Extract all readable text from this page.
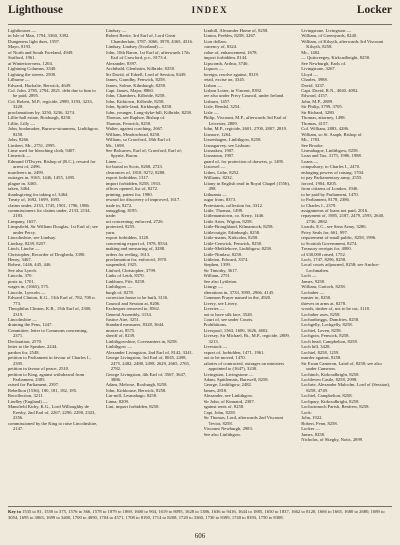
Lighthouse	INDEX	Locker

Lighthouses —

in Isle of Man, 1794, 3360, 3392.

Dungeness light dues, 1597.

Mayo, 8193.

of North and South Foreland, 4949.

Stafford, 1961.

at Winterton-ness, 1204.

Lightning Columns, 3540.

Lighting the streets, 2508.

Lilburne —

Edward, Hackalie, Berwick, 4649.

Col. John, 2785, 2794, 2821. debt due to him to be paid, 2895.

Col. Robert, M.P., regicide, 2989, 3193, 3233, 3220.

proclamations by, 3250, 3236, 3274.

Lillie-hall estate, Roxburgh, 8258.

Lillie, Lilly —

John, bookmaker, Burrow-stounness, Linlithgow, 8258.

John, 8266.

Limbert, Mr., 2751, 2995.

Lime used for bleaching cloth, 9407.

Limerick —

Edmund O'Dwyer, Bishop of (R.C.), reward for arrest of, 2496.

murderers in, 2499.

outrages in, 9165, 1446, 1455, 1495.

plague in, 3465.

taken, 3464.

thanksgiving for taking of, 3464.

Treaty of, 1692, 1699, 1695.

claims under, 2133, 1745, 1901, 1796, 1986.

commissioners for claims under, 2133, 2134, 2183.

Limpany, 1657.

Limpsfield, Sir William Douglas, 1st Earl of; see under Percy.

Lincolnshire, see Lindsay.

Lindsay, 8239, 8257.

Linch, Linche —

Christopher, Recorder of Drogheda, 3390.

Henry, 3467.

Robert, 1446, 445, 446.

See also Lynch.

Lincoln, 370.

posts to, 1701.

wages in, (1665), 575.

Lincoln, Lyncoln —

Edward Clinton, K.G., 13th Earl of, 782, 700 n. 773.

Theophilus Clinton, K.B., 15th Earl of, 2300, 2319.

Lincolnshire —

draining the Fens, 1247.

Committee, letter to Commons concerning, 2371.

Declaration, 2570.

letter to the Speaker, 2244.

pardon for, 2548.

petition to Parliament in favour of Charles I., 2395.

petition in favour of peace, 2510.

petition to King, against withdrawal from Parliament, 2385.

raised for Parliament, 2397.

Rebellion (1536), 180, 181, 182, 185.

Recollection, 3211.

Lindley (England) —

Mansfield Kirby, K.G., Lord Willoughby de Eresby, 2nd Earl of, 2267, 2290, 2298, 2323, 2356.

commissioned by the King to raise Lincolnshire, 2147.

Lindsay —

Robert Bertie, 3rd Earl of, Lord Great Chamberlain, 3787, 3066, 3978, 4365, 4316.

Lindsay, Lindsey (Scotland) —

John, 10th Baron, 1st Earl of, afterwards 17th Earl of Crawford, p.v., 8173 d.

Alexander, 8397.

Archibald, Glenhairn, Kilbride, 8258.

Sir David, of Edzell, Lord of Session, 8449.

James, Grandby, Fenwick, 8258.

James, Solme, Kilmburgh, 8258.

Capt. James, Major, 8860.

John, Chambers, Kilbride, 8258.

John, Kirktown, Kilbride, 8258.

John, Spittle-land, Kirkburgh, 8258.

John, younger, Long-dyke-hill, Kilbride, 8258.

Thomas, see Raphoe, Bishop of.

Thomas, Fenwick, 8258.

Walter, against coaching, 2667.

William, Meadowhead, 8258.

William, so Crawford, 18th Earl of.

Mr., 1698.

See Balcarres, Earl of; Crawford, Earl of; Spynie, Baron.

Linen —

for burial in Scots, 8268, 2723.

clearances of, 1810, 9272, 8288.

export forbidden, 1317.

import forbidden, 8258, 1933.

offices opened, list of, 8272.

printing, patent for, 1980.

reward for discovery of improved, 1617.

trade in, 8272.

smuggling, 8195.

trade:

act concerning, enforced, 2726.

protected, 8255.

yarn:

export forbidden, 3128.

concerning export of, 1978, 8534.

making and measuring of, 3288.

orders for reeling, 1613.

proclamation for, enforced, 1970.

suspended, 1925.

Linford, Christopher, 3799.

Links of Leith, 8370.

Linkburn, Fife, 8258.

Linlithgow —

burgh of, 8278.

correction house to be built, 3116.

Council and Session at, 8206.

Exchequer removed to, 8562.

General Assembly, 3134.

Justice Aire, 3251.

Standard measures, 8328, 3644.

muster at, 8575.

sheriff of, 8239.

Linlithgowshire, Covenanters in, 8258.

Linlithgow —

Alexander Livingston, 2nd Earl of, 8142, 3241.

George Livingston, 3rd Earl of, 8045, 2498, 2475, 2482, 2488, 2498, 2629, 2665, 2765, 2782.

George Livingston, 4th Earl of, 3567, 3647, 3886.

Adam, Melrose, Roxburgh, 8258.

John, Kirkhouse, Berwick, 8258.

Lin-mill, Lesmahago, 8258.

Linna, 8209.

Lint, import forbidden, 8258.

Linthill, Alexander Home of, 8258.

Linton, Peebles, 8258, 3267.

Lion dollars:

currency of, 8324.

value of, enhancement, 1678.

import forbidden, 8144.

Lipscomb, Arthur, 3746.

Liquors —

foreign, resolve against, 8319.

retail, excise on, 3345.

Lisbon —

Lisbon Lotter, in Vincent, 8392.

see also under Privy Council, under Ireland.

Lisburn, 1457.

Lisle, Rendal, 3254.

Lisle —

Philip, Viscount, M.P., afterwards 3rd Earl of Leicester, 2809.

John, M.P., regicide, 2601, 2700, 2807, 2819.

Lismore, 1264.

Lissenhagen, Linlithgow, 8258.

Lisnagarvey, see Lisburn.

Lisnaskea, 1907.

Lisnatoun, 1907.

guard of, for protection of drawers, p. 1495.

Listowel —

Lithes, Lithe, 8252.

Williams, 8232.

Litany in English read in Royal Chapel (1556), 498.

Lithuania —

sugar from, 8373.

Protestants, collection for, 3312.

Little, Thomas, 1498.

Littlemanstown, co. Kerry, 1446.

Little Aries, Wigton, 8258.

Little-Broughland, Kilmarnock, 8258.

Littlecraigie, Edinburgh, 8258.

Little-mains, Kirkcolm, 8258.

Little-Cenwick, Fenwick, 8258.

Little-Meiklehove, Linlithgow, 8258.

Little-Nimlaw, 8258.

Littleton, Edward, 3374.

Stephen, 1399.

Sir Timothy, 3617.

William, 2751.

See also Lyttleton.

Liturgy —

alterations in, 3733, 3995, 2966, 4145.

Common Prayer named in the, 4920.

Livery, see Livery.

Liveries —

not to have silk lace, 3528.

Court of, see under Courts.

Prohibitions.

Liverpool, 1563, 1606, 1626, 4602.

Livesey, Sir Michael, Bt., M.P., regicide, 2809, 3213.

Livestock —

export of, forbidden, 1471, 1961.

not to be moved, 1470.

salaries of contracted, outrages on ministers appointed to (1647), 3230.

Livingston, Livingstone —

Adam, Spittlemais, Barrwell, 8258.

George, Linlithgow, 2482.

James, 2818.

Alexander, see Linlithgow.

Sir John, of Kinnaird, 2387.

against rents of, 8258.

Capt. John, 8258.

Sir Thomas, Lord, afterwards 2nd Viscount Teviot, 8258.

Viscount Newburgh, 2983.

See also Linlithgow.

Livingstone, Livingston —

William, of Greenyards, 8240.

William, of Kilsyth, afterwards 3rd Viscount Kilsyth, 8258.

Mr., 1482.

— Quitcreegey, Kirkcudbright, 8258.

See Newburgh, Earls of.

Livingstone, 3267.

Lloyd —

Charles, 3988.

David, 3237.

Capt. David, R.N., 4040, 4092.

Edward, 4157.

John, M.P., 2889.

Sir Philip, 3799, 3705.

Sir Richard, 3280.

Thomas, attorney, 1498.

Thomas, 4157.

Col. William, 2883, 4286.

William, so St. Asaph, Bishop of.

Mr., 1783.

See Brooke.

Lismahagoe, Linlithgow, 8258.

Loan and Tax, 3175, 1986, 1988.

Loans —

compulsory, to Charles I., 2470.

enlarging powers of raising, 1704.

to pay Parliamentary army, 2555.

forced, 1904, 8205.

from citizens of London, 1946.

to be paid by Parliament, 1470.

to Parliament, 8178, 2386.

to Charles I., 2379.

assignments of loans not paid, 2016.

repayment of, 1885, 2187, 2479, 2593, 2640, 2736, 2882.

Loards, E.C., see Sena Army, 3286.

Privy Seals for, 661, 997.

requirement of small public, 8258, 1996.

to Scottish Government, 8274.

Treasury receipts for, 4000.

of £30,000 raised, 1752.

Loch, 1747, 8296, 8258.

Local courts adjourned, 8258; see Anchor-Lochmaben.

Loch —

James, 9258.

William, Garioch, 8258.

Lochaber —

muster in, 8258.

thieves in arms at, 8278.

woods, timber of, not to be cut, 3118.

Lochaber axes, 8258.

Lochartbriggs, Dumfries, 8258.

Lochgelly, Lochgelly, 8258.

Lochiel, Leven, 8258.

Lochgoin, Fenwick, 8258.

Loch head, Campbelton, 8258.

Loch hill, 3428.

Lochiel, 8258, 1259.

murder against, 8258.

Sir Ewan Cameron, Laird of, 8258; see also under Cameron.

Lochinch, Kirkcudbright, 8258.

Lochleven Castle, 8258, 2998.

Lochrie, Alexander Malcolm, Lord of (Session), 8258, 4749.

Lochiel, Campbelton, 8258.

Lochpary, Kirkcudbright, 8258.

Lochwinnoch Parish, Renfrew, 8258.

Lock:

John, 1922.

Robert, Fenn, 8258.

Locker —

James, 8258.

Nicholas, of Skegby, Notts, 2899.

Key to 1535 to 81, 1550 to 375, 1576 to 366, 1578 to 1879 to 1869, 1600 to 904, 1619 to 8095, 1628 to 1386, 1636 to 9416, 1644 to 1885, 1650 to 1837, 1662 to 8120, 1666 to 1665, 1680 to 2680, 1689 to 3054, 1695 to 3063, 1699 to 3400, 1700 to 4090, 1704 to 4571, 1708 to 8190, 1714 to 8208, 1720 to 3360, 1730 to 8399, 1740 to 8393, 1750 to 8308.
606
